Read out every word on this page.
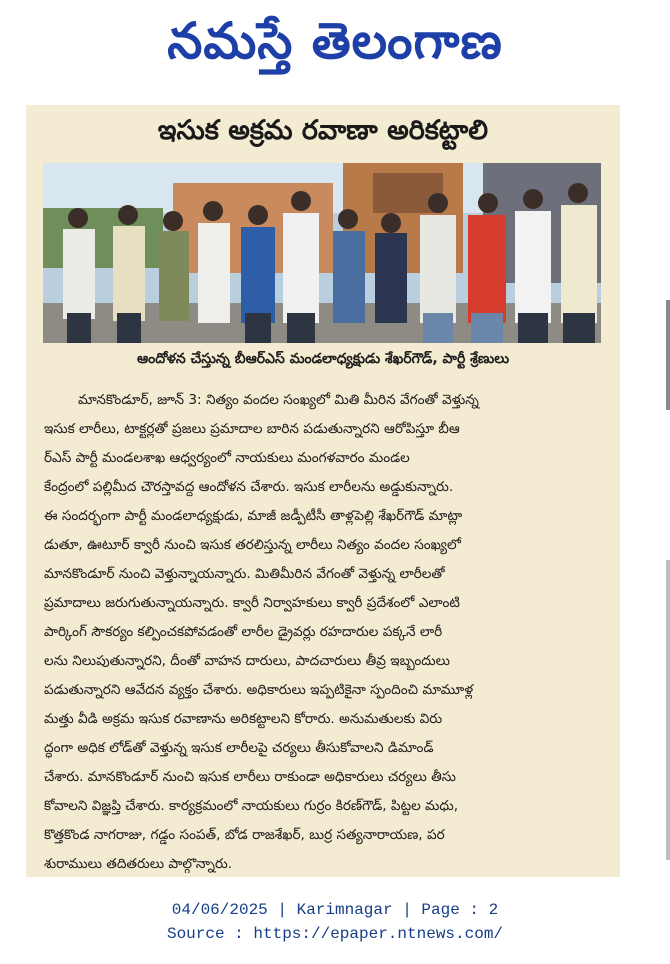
నమస్తే తెలంగాణ
ఇసుక అక్రమ రవాణా అరికట్టాలి
ఆందోళన చేస్తున్న బీఆర్ఎస్ మండలాధ్యక్షుడు శేఖర్‌గౌడ్, పార్టీ శ్రేణులు
మానకొండూర్, జూన్ 3: నిత్యం వందల సంఖ్యలో మితి మీరిన వేగంతో వెళ్తున్న
ఇసుక లారీలు, టాక్టర్లతో ప్రజలు ప్రమాదాల బారిన పడుతున్నారని ఆరోపిస్తూ బీఆ
ర్ఎస్ పార్టీ మండలశాఖ ఆధ్వర్యంలో నాయకులు మంగళవారం మండల
కేంద్రంలో పల్లిమీద చౌరస్తావద్ద ఆందోళన చేశారు. ఇసుక లారీలను అడ్డుకున్నారు.
ఈ సందర్భంగా పార్టీ మండలాధ్యక్షుడు, మాజీ జడ్పీటీసీ తాళ్లపెల్లి శేఖర్‌గౌడ్ మాట్లా
డుతూ, ఊటూర్ క్వారీ నుంచి ఇసుక తరలిస్తున్న లారీలు నిత్యం వందల సంఖ్యలో
మానకొండూర్ నుంచి వెళ్తున్నాయన్నారు. మితిమీరిన వేగంతో వెళ్తున్న లారీలతో
ప్రమాదాలు జరుగుతున్నాయన్నారు. క్వారీ నిర్వాహకులు క్వారీ ప్రదేశంలో ఎలాంటి
పార్కింగ్ సౌకర్యం కల్పించకపోవడంతో లారీల డ్రైవర్లు రహదారుల పక్కనే లారీ
లను నిలుపుతున్నారని, దీంతో వాహన దారులు, పాదచారులు తీవ్ర ఇబ్బందులు
పడుతున్నారని ఆవేదన వ్యక్తం చేశారు. అధికారులు ఇప్పటికైనా స్పందించి మామూళ్ల
మత్తు వీడి అక్రమ ఇసుక రవాణాను అరికట్టాలని కోరారు. అనుమతులకు విరు
ద్ధంగా అధిక లోడ్‌తో వెళ్తున్న ఇసుక లారీలపై చర్యలు తీసుకోవాలని డిమాండ్
చేశారు. మానకొండూర్ నుంచి ఇసుక లారీలు రాకుండా అధికారులు చర్యలు తీసు
కోవాలని విజ్ఞప్తి చేశారు. కార్యక్రమంలో నాయకులు గుర్రం కిరణ్‌గౌడ్, పిట్టల మధు,
కొత్తకొండ నాగరాజు, గడ్డం సంపత్, బోడ రాజశేఖర్, బుర్ర సత్యనారాయణ, పర
శురాములు తదితరులు పాల్గొన్నారు.
04/06/2025 | Karimnagar | Page : 2
Source : https://epaper.ntnews.com/
